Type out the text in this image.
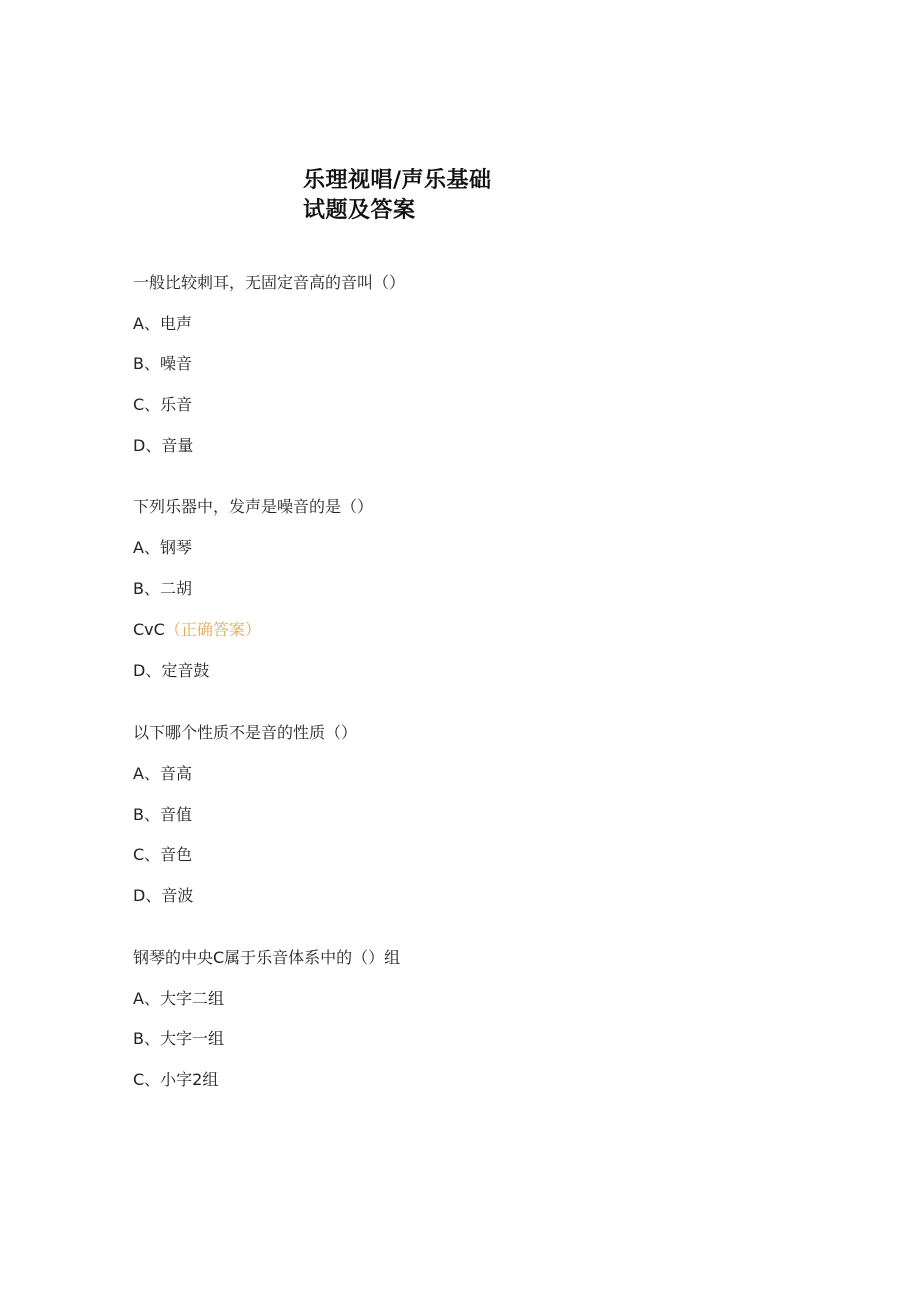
乐理视唱/声乐基础
试题及答案
一般比较刺耳，无固定音高的音叫（）
A、电声
B、噪音
C、乐音
D、音量
下列乐器中，发声是噪音的是（）
A、钢琴
B、二胡
CvC（正确答案）
D、定音鼓
以下哪个性质不是音的性质（）
A、音高
B、音值
C、音色
D、音波
钢琴的中央C属于乐音体系中的（）组
A、大字二组
B、大字一组
C、小字2组
